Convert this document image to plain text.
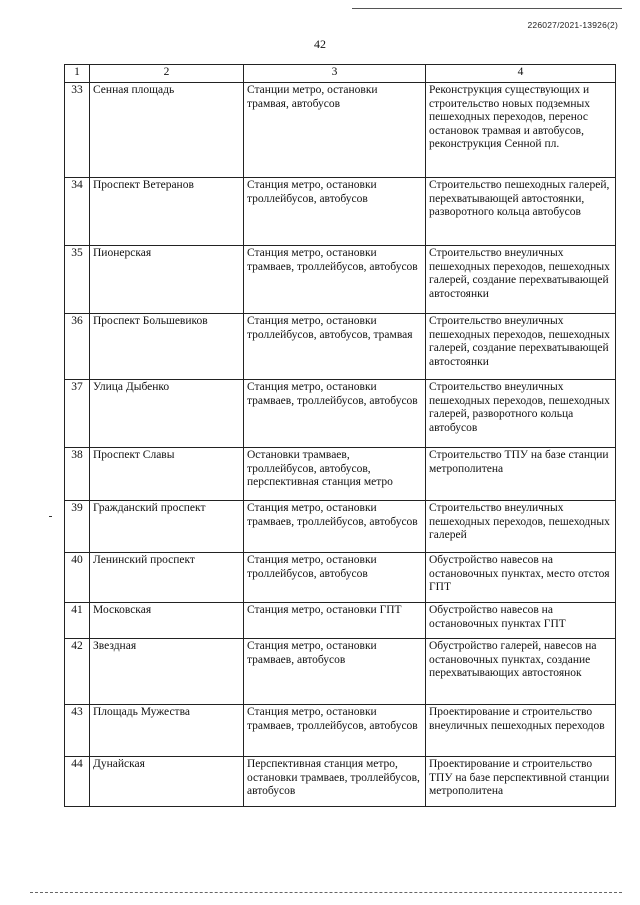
226027/2021-13926(2)
42
1	2	3	4
33	Сенная площадь	Станции метро, остановки трамвая, автобусов	Реконструкция существующих и строительство новых подземных пешеходных переходов, перенос остановок трамвая и автобусов, реконструкция Сенной пл.
34	Проспект Ветеранов	Станция метро, остановки троллейбусов, автобусов	Строительство пешеходных галерей, перехватывающей автостоянки, разворотного кольца автобусов
35	Пионерская	Станция метро, остановки трамваев, троллейбусов, автобусов	Строительство внеуличных пешеходных переходов, пешеходных галерей, создание перехватывающей автостоянки
36	Проспект Большевиков	Станция метро, остановки троллейбусов, автобусов, трамвая	Строительство внеуличных пешеходных переходов, пешеходных галерей, создание перехватывающей автостоянки
37	Улица Дыбенко	Станция метро, остановки трамваев, троллейбусов, автобусов	Строительство внеуличных пешеходных переходов, пешеходных галерей, разворотного кольца автобусов
38	Проспект Славы	Остановки трамваев, троллейбусов, автобусов, перспективная станция метро	Строительство ТПУ на базе станции метрополитена
39	Гражданский проспект	Станция метро, остановки трамваев, троллейбусов, автобусов	Строительство внеуличных пешеходных переходов, пешеходных галерей
40	Ленинский проспект	Станция метро, остановки троллейбусов, автобусов	Обустройство навесов на остановочных пунктах, место отстоя ГПТ
41	Московская	Станция метро, остановки ГПТ	Обустройство навесов на остановочных пунктах ГПТ
42	Звездная	Станция метро, остановки трамваев, автобусов	Обустройство галерей, навесов на остановочных пунктах, создание перехватывающих автостоянок
43	Площадь Мужества	Станция метро, остановки трамваев, троллейбусов, автобусов	Проектирование и строительство внеуличных пешеходных переходов
44	Дунайская	Перспективная станция метро, остановки трамваев, троллейбусов, автобусов	Проектирование и строительство ТПУ на базе перспективной станции метрополитена
